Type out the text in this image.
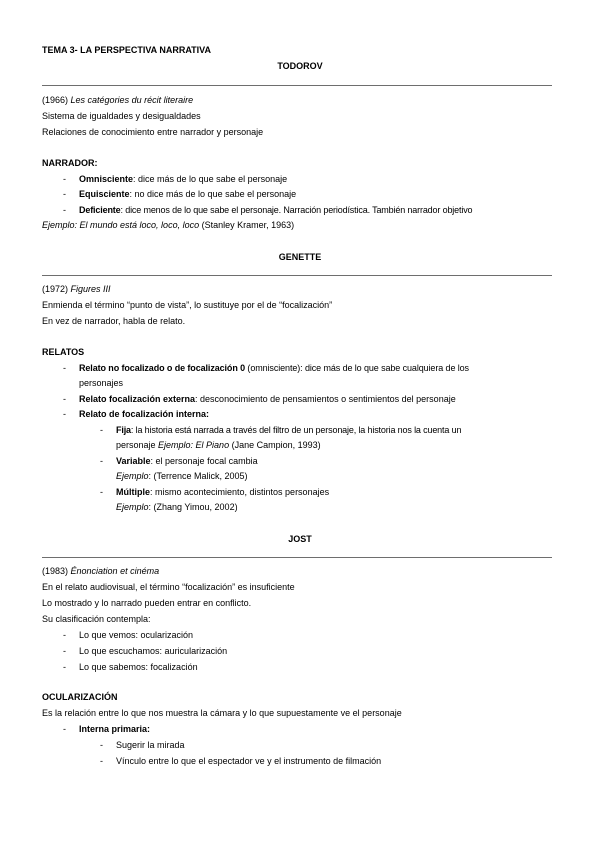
TEMA 3- LA PERSPECTIVA NARRATIVA
TODOROV
(1966) Les catégories du récit literaire
Sistema de igualdades y desigualdades
Relaciones de conocimiento entre narrador y personaje
NARRADOR:
- Omnisciente: dice más de lo que sabe el personaje
- Equisciente: no dice más de lo que sabe el personaje
- Deficiente: dice menos de lo que sabe el personaje. Narración periodística. También narrador objetivo
Ejemplo: El mundo está loco, loco, loco (Stanley Kramer, 1963)
GENETTE
(1972) Figures III
Enmienda el término “punto de vista”, lo sustituye por el de “focalización”
En vez de narrador, habla de relato.
RELATOS
- Relato no focalizado o de focalización 0 (omnisciente): dice más de lo que sabe cualquiera de los
personajes
- Relato focalización externa: desconocimiento de pensamientos o sentimientos del personaje
- Relato de focalización interna:
- Fija: la historia está narrada a través del filtro de un personaje, la historia nos la cuenta un
personaje Ejemplo: El Piano (Jane Campion, 1993)
- Variable: el personaje focal cambia
Ejemplo: (Terrence Malick, 2005)
- Múltiple: mismo acontecimiento, distintos personajes
Ejemplo: (Zhang Yimou, 2002)
JOST
(1983) Énonciation et cinéma
En el relato audiovisual, el término “focalización” es insuficiente
Lo mostrado y lo narrado pueden entrar en conflicto.
Su clasificación contempla:
- Lo que vemos: ocularización
- Lo que escuchamos: auricularización
- Lo que sabemos: focalización
OCULARIZACIÓN
Es la relación entre lo que nos muestra la cámara y lo que supuestamente ve el personaje
- Interna primaria:
- Sugerir la mirada
- Vínculo entre lo que el espectador ve y el instrumento de filmación
